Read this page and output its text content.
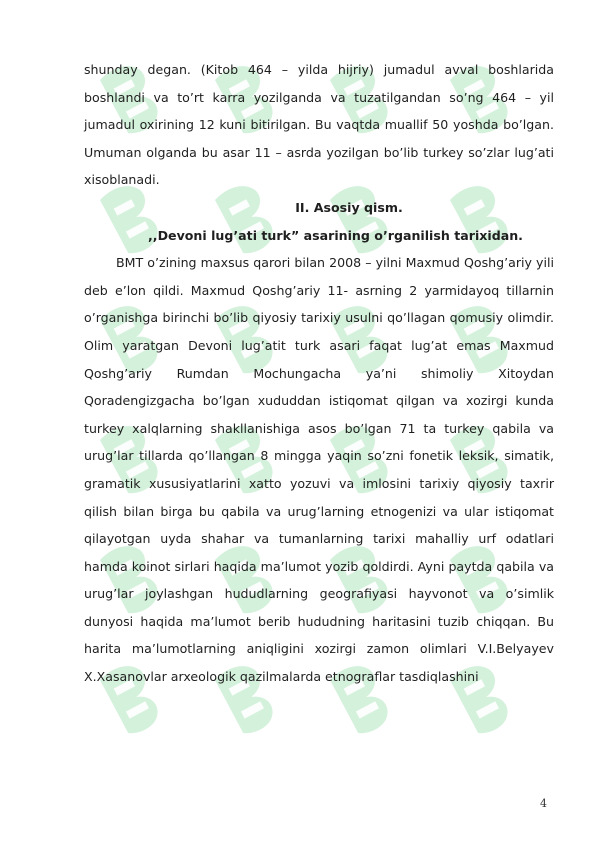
shunday degan. (Kitob 464 – yilda hijriy) jumadul avval boshlarida boshlandi va to’rt karra yozilganda va tuzatilgandan so’ng 464 – yil jumadul oxirining 12 kuni bitirilgan. Bu vaqtda muallif 50 yoshda bo’lgan. Umuman olganda bu asar 11 – asrda yozilgan bo’lib turkey so’zlar lug’ati xisoblanadi.

II. Asosiy qism.

,,Devoni lug’ati turk” asarining o’rganilish tarixidan.

BMT o’zining maxsus qarori bilan 2008 – yilni Maxmud Qoshg’ariy yili deb e’lon qildi. Maxmud Qoshg’ariy 11- asrning 2 yarmidayoq tillarnin o’rganishga birinchi bo’lib qiyosiy tarixiy usulni qo’llagan qomusiy olimdir. Olim yaratgan Devoni lug’atit turk asari faqat lug’at emas Maxmud Qoshg’ariy Rumdan Mochungacha ya’ni shimoliy Xitoydan Qoradengizgacha bo’lgan xududdan istiqomat qilgan va xozirgi kunda turkey xalqlarning shakllanishiga asos bo’lgan 71 ta turkey qabila va urug’lar tillarda qo’llangan 8 mingga yaqin so’zni fonetik leksik, simatik, gramatik xususiyatlarini xatto yozuvi va imlosini tarixiy qiyosiy taxrir qilish bilan birga bu qabila va urug’larning etnogenizi va ular istiqomat qilayotgan uyda shahar va tumanlarning tarixi mahalliy urf odatlari hamda koinot sirlari haqida ma’lumot yozib qoldirdi. Ayni paytda qabila va urug’lar joylashgan hududlarning geografiyasi hayvonot va o’simlik dunyosi haqida ma’lumot berib hududning haritasini tuzib chiqqan. Bu harita ma’lumotlarning aniqligini xozirgi zamon olimlari V.I.Belyayev X.Xasanovlar arxeologik qazilmalarda etnograflar tasdiqlashini

4
